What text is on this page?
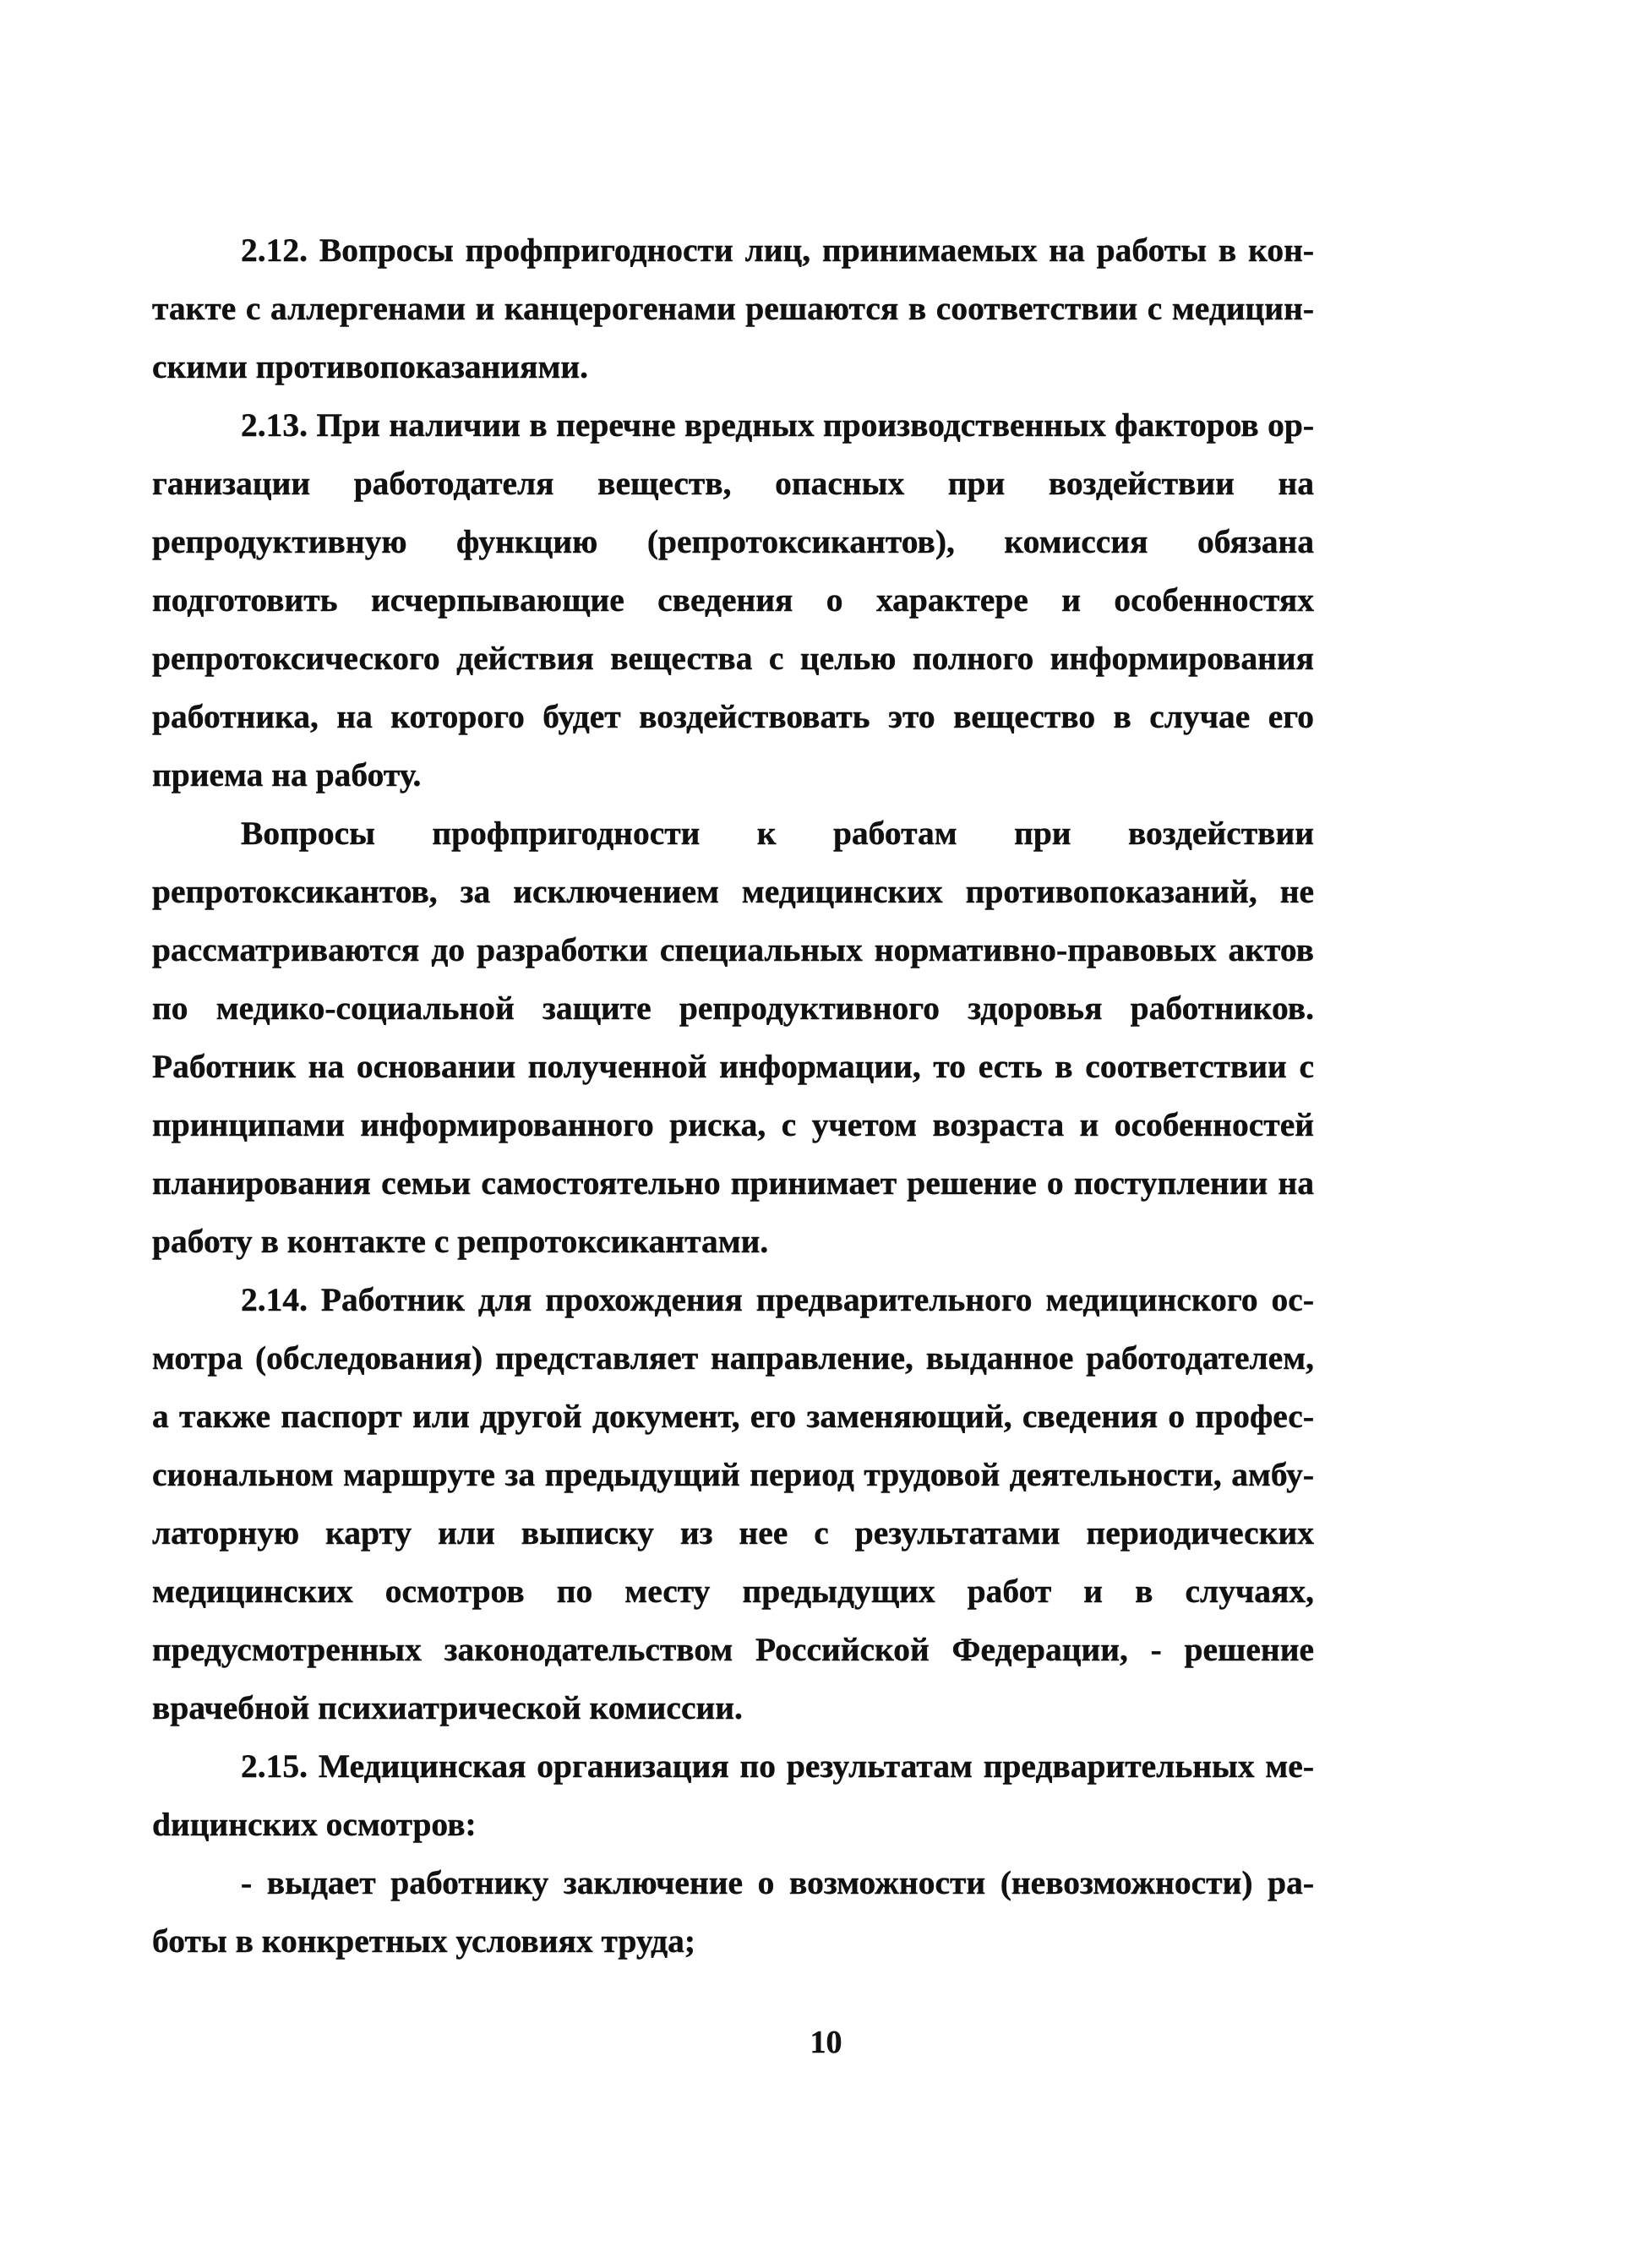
2.12. Вопросы профпригодности лиц, принимаемых на работы в контакте с аллергенами и канцерогенами решаются в соответствии с медицинскими противопоказаниями.

2.13. При наличии в перечне вредных производственных факторов организации работодателя веществ, опасных при воздействии на репродуктивную функцию (репротоксикантов), комиссия обязана подготовить исчерпывающие сведения о характере и особенностях репротоксического действия вещества с целью полного информирования работника, на которого будет воздействовать это вещество в случае его приема на работу.

Вопросы профпригодности к работам при воздействии репротоксикантов, за исключением медицинских противопоказаний, не рассматриваются до разработки специальных нормативно-правовых актов по медико-социальной защите репродуктивного здоровья работников. Работник на основании полученной информации, то есть в соответствии с принципами информированного риска, с учетом возраста и особенностей планирования семьи самостоятельно принимает решение о поступлении на работу в контакте с репротоксикантами.

2.14. Работник для прохождения предварительного медицинского осмотра (обследования) представляет направление, выданное работодателем, а также паспорт или другой документ, его заменяющий, сведения о профессиональном маршруте за предыдущий период трудовой деятельности, амбулаторную карту или выписку из нее с результатами периодических медицинских осмотров по месту предыдущих работ и в случаях, предусмотренных законодательством Российской Федерации, - решение врачебной психиатрической комиссии.

2.15. Медицинская организация по результатам предварительных меdицинских осмотров:

- выдает работнику заключение о возможности (невозможности) работы в конкретных условиях труда;

10
